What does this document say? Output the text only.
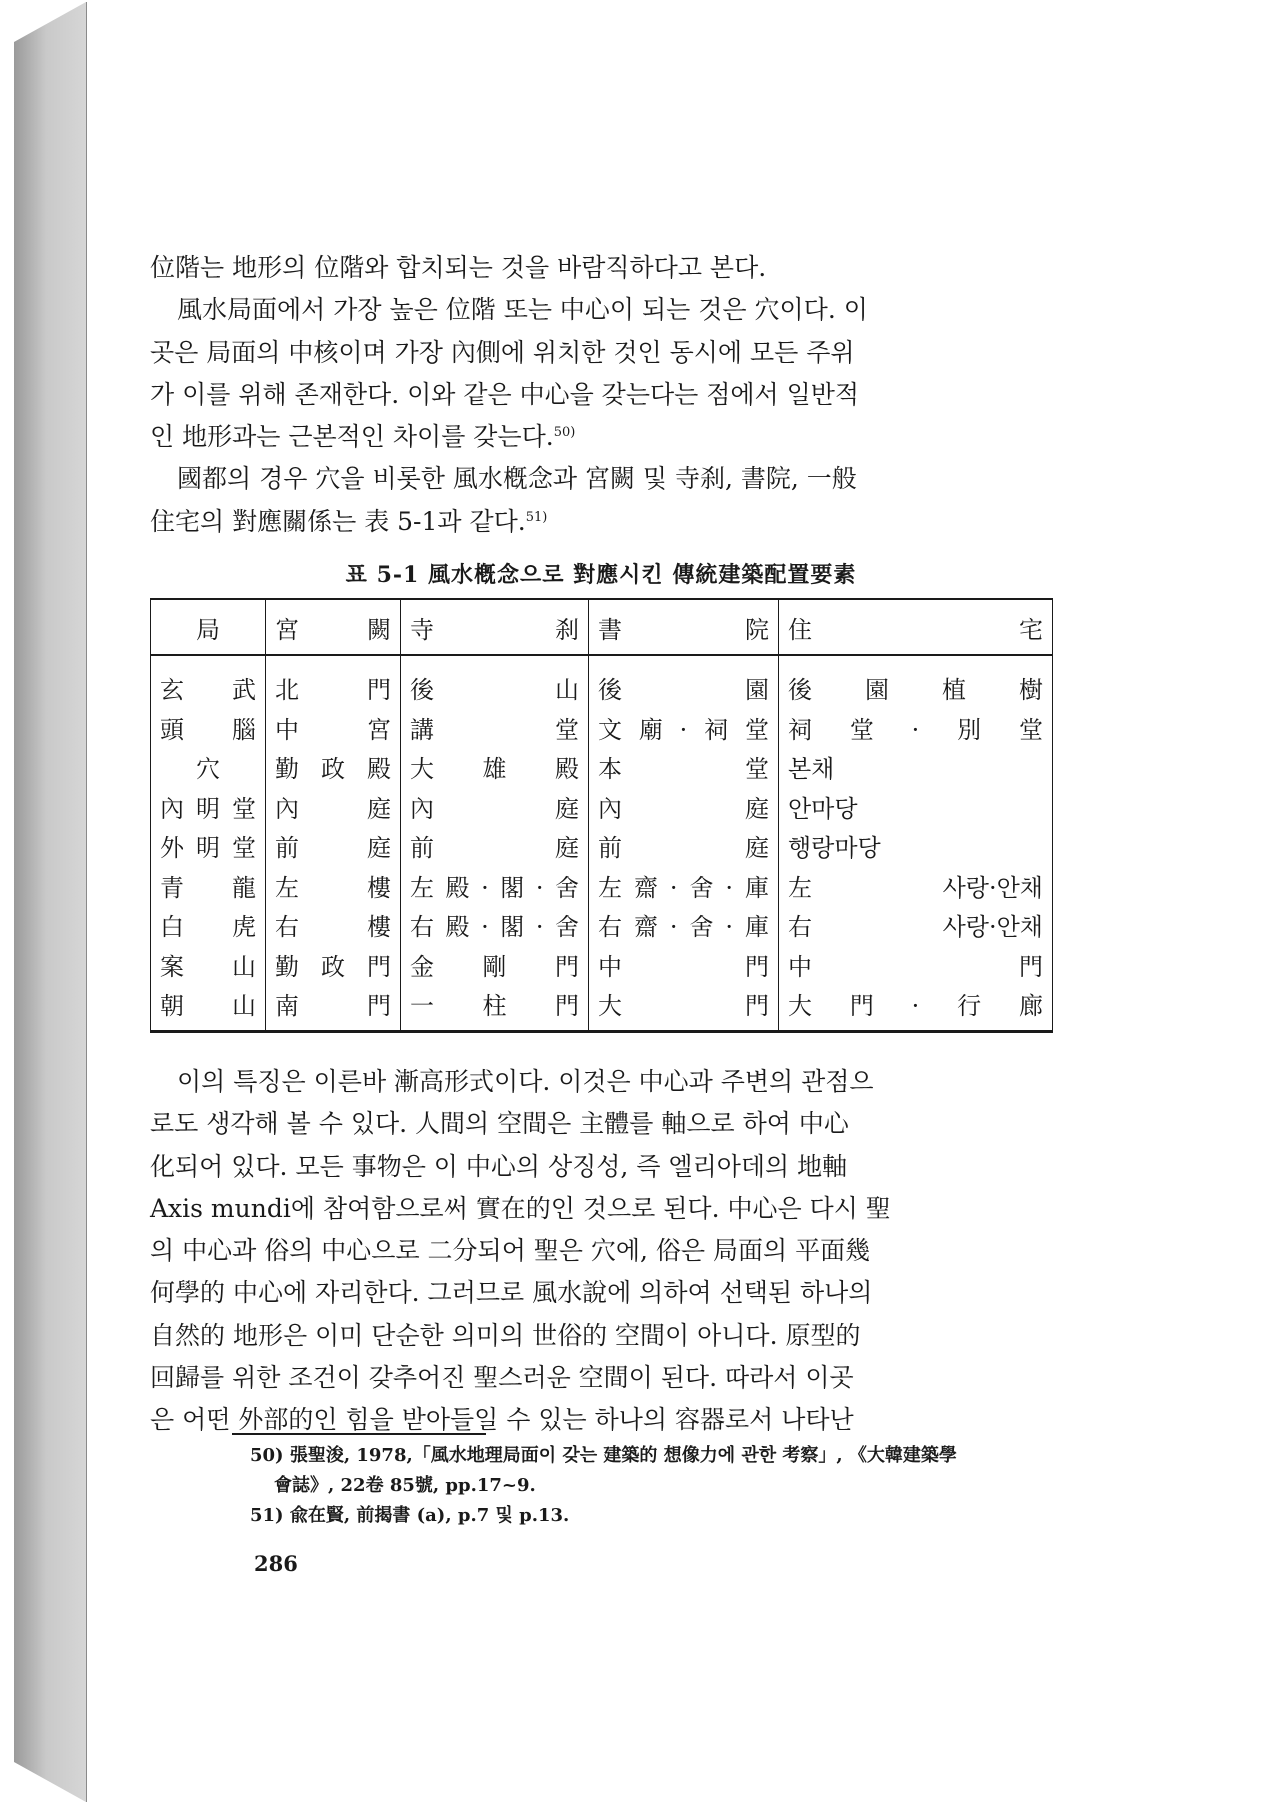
位階는 地形의 位階와 합치되는 것을 바람직하다고 본다.

風水局面에서 가장 높은 位階 또는 中心이 되는 것은 穴이다. 이
곳은 局面의 中核이며 가장 內側에 위치한 것인 동시에 모든 주위
가 이를 위해 존재한다. 이와 같은 中心을 갖는다는 점에서 일반적
인 地形과는 근본적인 차이를 갖는다.$^{50)}$

國都의 경우 穴을 비롯한 風水槪念과 宮闕 및 寺刹, 書院, 一般
住宅의 對應關係는 表 5-1과 같다.$^{51)}$

표 5-1 風水槪念으로 對應시킨 傳統建築配置要素
局	宮闕	寺刹	書院	住宅
玄武	北門	後山	後園	後園植樹
頭腦	中宮	講堂	文廟·祠堂	祠堂·別堂
穴	勤政殿	大雄殿	本堂	본채
內明堂	內庭	內庭	內庭	안마당
外明堂	前庭	前庭	前庭	행랑마당
青龍	左樓	左殿·閣·舍	左齋·舍·庫	左사랑·안채
白虎	右樓	右殿·閣·舍	右齋·舍·庫	右사랑·안채
案山	勤政門	金剛門	中門	中門
朝山	南門	一柱門	大門	大門·行廊

이의 특징은 이른바 漸高形式이다. 이것은 中心과 주변의 관점으
로도 생각해 볼 수 있다. 人間의 空間은 主體를 軸으로 하여 中心
化되어 있다. 모든 事物은 이 中心의 상징성, 즉 엘리아데의 地軸
Axis mundi에 참여함으로써 實在的인 것으로 된다. 中心은 다시 聖
의 中心과 俗의 中心으로 二分되어 聖은 穴에, 俗은 局面의 平面幾
何學的 中心에 자리한다. 그러므로 風水說에 의하여 선택된 하나의
自然的 地形은 이미 단순한 의미의 世俗的 空間이 아니다. 原型的
回歸를 위한 조건이 갖추어진 聖스러운 空間이 된다. 따라서 이곳
은 어떤 外部的인 힘을 받아들일 수 있는 하나의 容器로서 나타난

50) 張聖浚, 1978,「風水地理局面이 갖는 建築的 想像力에 관한 考察」, 《大韓建築學
會誌》, 22卷 85號, pp.17~9.

51) 兪在賢, 前揭書 (a), p.7 및 p.13.

286
